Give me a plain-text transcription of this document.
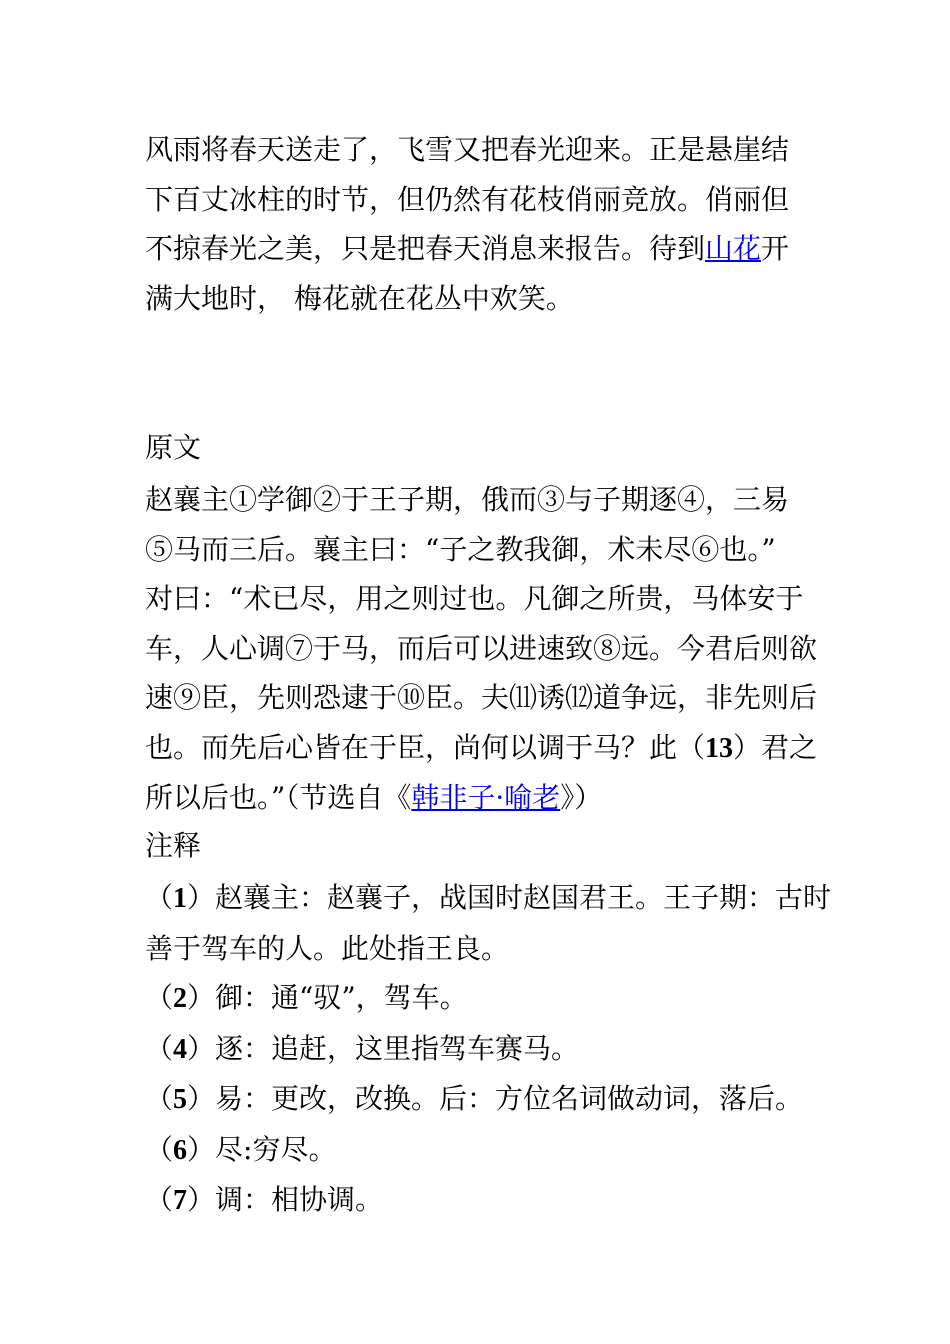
风雨将春天送走了，飞雪又把春光迎来。正是悬崖结
下百丈冰柱的时节，但仍然有花枝俏丽竞放。俏丽但
不掠春光之美，只是把春天消息来报告。待到山花开
满大地时， 梅花就在花丛中欢笑。
原文
赵襄主①学御②于王子期，俄而③与子期逐④，三易
⑤马而三后。襄主曰：“子之教我御，术未尽⑥也。”
对曰：“术已尽，用之则过也。凡御之所贵，马体安于
车，人心调⑦于马，而后可以进速致⑧远。今君后则欲
速⑨臣，先则恐逮于⑩臣。夫⑾诱⑿道争远，非先则后
也。而先后心皆在于臣，尚何以调于马？此（13）君之
所以后也。”（节选自《韩非子·喻老》）
注释
（1）赵襄主：赵襄子，战国时赵国君王。王子期：古时
善于驾车的人。此处指王良。
（2）御：通“驭”，驾车。
（4）逐：追赶，这里指驾车赛马。
（5）易：更改，改换。后：方位名词做动词，落后。
（6）尽:穷尽。
（7）调：相协调。
